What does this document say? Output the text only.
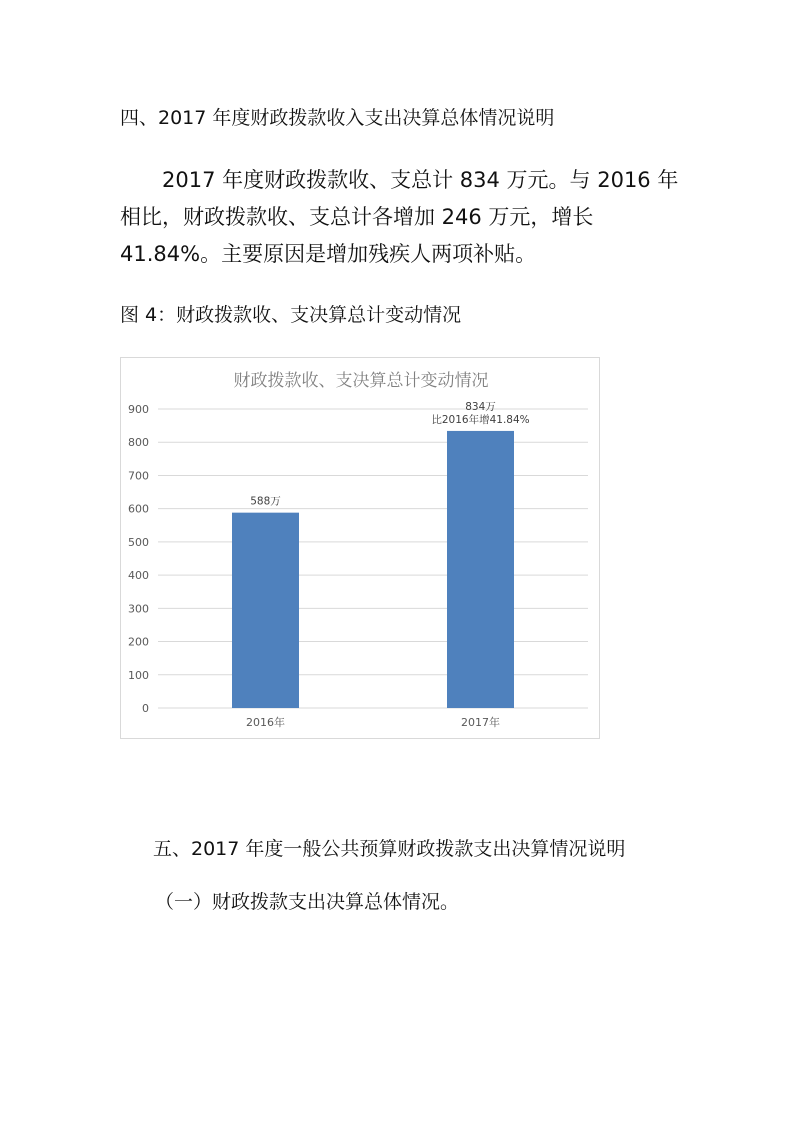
四、2017 年度财政拨款收入支出决算总体情况说明
2017 年度财政拨款收、支总计 834 万元。与 2016 年
相比，财政拨款收、支总计各增加 246 万元，增长
41.84%。主要原因是增加残疾人两项补贴。
图 4：财政拨款收、支决算总计变动情况
财政拨款收、支决算总计变动情况
0
100
200
300
400
500
600
700
800
900
588万
834万
比2016年增41.84%
2016年	2017年
五、2017 年度一般公共预算财政拨款支出决算情况说明
（一）财政拨款支出决算总体情况。
